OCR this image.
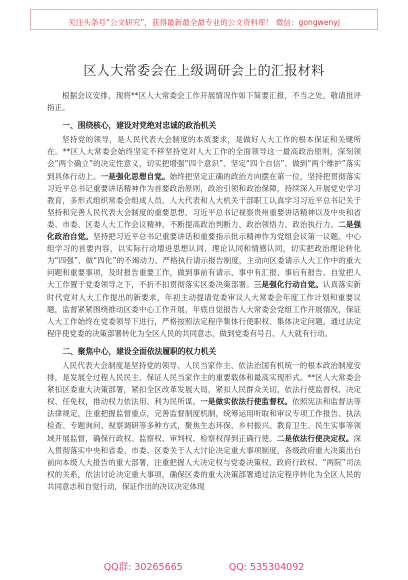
关注头条号“公文研究”，获得最新最全最专业的公文资料库！ 微信：gongwenyj
区人大常委会在上级调研会上的汇报材料

根据会议安排，现将**区人大常委会工作开展情况作如下简要汇报，不当之处，敬请批评指正。

一、围绕核心，建设对党绝对忠诚的政治机关

坚持党的领导，是人民代表大会制度的本质要求，是做好人大工作的根本保证和关键所在。**区人大常委会始终坚定不移坚持党对人大工作的全面领导这一最高政治原则，深刻领会“两个确立”的决定性意义，切实把增强“四个意识”、坚定“四个自信”、做到“两个维护”落实到具体行动上。一是强化思想自觉。始终把坚定正确的政治方向摆在第一位，坚持把贯彻落实习近平总书记重要讲话精神作为首要政治原则，政治引领和政治保障，持续深入开展党史学习教育，多形式组织常委会组成人员、人大代表和人大机关干部职工认真学习习近平总书记关于坚持和完善人民代表大会制度的重要思想、习近平总书记视察贵州重要讲话精神以及中央和省委、市委、区委人大工作会议精神，不断提高政治判断力、政治领悟力、政治执行力。二是强化政治自觉。坚持把习近平总书记重要讲话和重要指示批示精神作为党组会议第一议题、中心组学习的首要内容，以实际行动增进思想认同、理论认同和情感认同，切实把政治理论转化为“四强”、做“四化”的不竭动力。严格执行请示报告制度，主动向区委请示人大工作中的重大问题和重要事项，及时报告重要工作，做到事前有请示、事中有汇报、事后有报告。自觉把人大工作置于党委领导之下，不折不扣贯彻落实区委决策部署。三是强化行动自觉。认真落实新时代党对人大工作提出的新要求，年初主动提请党委审议人大常委会年度工作计划和重要议题，监督紧紧围绕推动区委中心工作开展，年底自觉报告人大常委会党组工作开展情况，保证人大工作始终在党委领导下进行，严格按照法定程序集体行使职权、集体决定问题，通过法定程序使党委的决策部署转化为全区人民的共同意志，做到党委有号召、人大就有行动。

二、聚焦中心，建设全面依法履职的权力机关

人民代表大会制度是坚持党的领导、人民当家作主、依法治国有机统一的根本政治制度安排，是发展全过程人民民主、保证人民当家作主的重要载体和最高实现形式。**区人大常委会紧扣区委重大决策部署，紧扣全区改革发展大局，紧扣人民群众关切，依法行使监督权、决定权、任免权，推动权力依法用、利为民所谋。一是做实依法行使监督权。依照宪法和监督法等法律规定，注重把握监督重点，完善监督制度机制，统筹运用听取和审议专项工作报告、执法检查、专题询问、视察调研等多种方式，聚焦生态环保、乡村振兴、教育卫生、民生实事等领域开展监督，确保行政权、监察权、审判权、检察权得到正确行使。二是依法行使决定权。深入贯彻落实中央和省委、市委、区委关于人大讨论决定重大事项制度，各级政府重大决策出台前向本级人大报告的重大部署，注重把握人大决定权与党委决策权、政府行政权、“两院”司法权的关系，依法讨论决定重大事项，确保区委的重大决策部署通过法定程序转化为全区人民的共同意志和自觉行动，保证作出的决议决定体现

QQ群: 30265665	QQ: 535304092
